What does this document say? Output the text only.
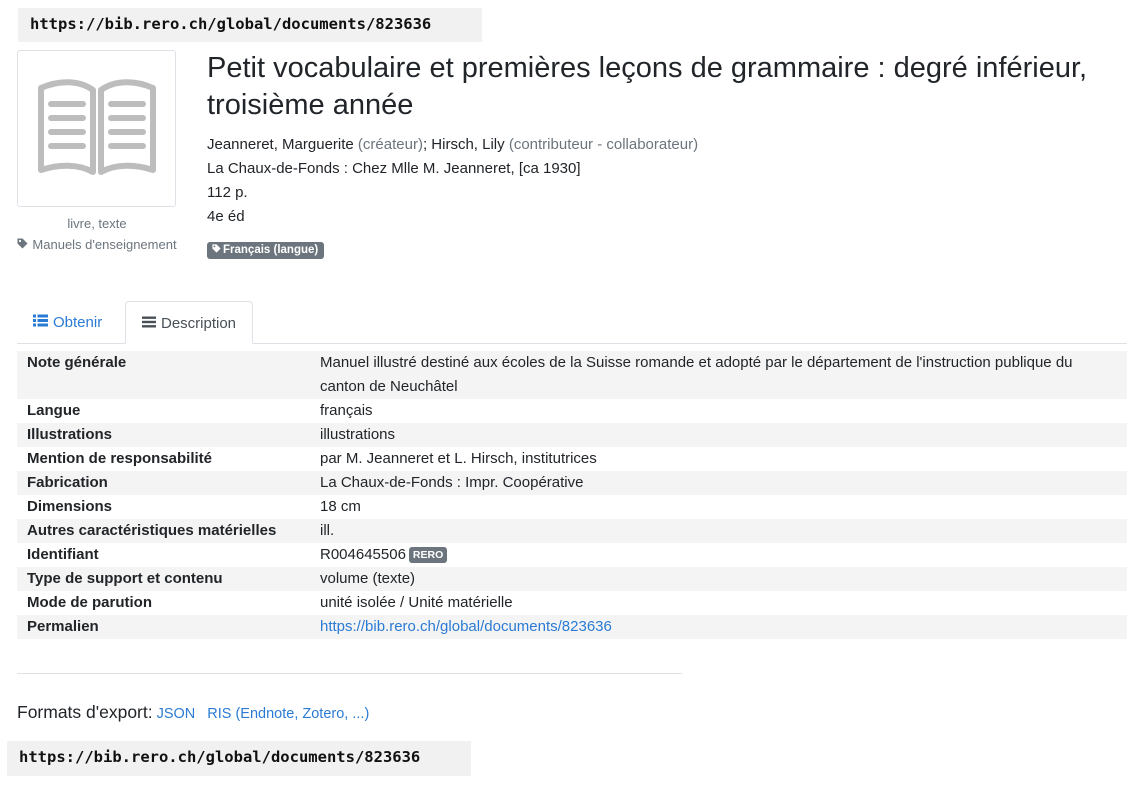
https://bib.rero.ch/global/documents/823636
livre, texte
Manuels d'enseignement
Petit vocabulaire et premières leçons de grammaire : degré inférieur, troisième année
Jeanneret, Marguerite (créateur); Hirsch, Lily (contributeur - collaborateur)
La Chaux-de-Fonds : Chez Mlle M. Jeanneret, [ca 1930]
112 p.
4e éd
Français (langue)
Obtenir	Description
Note générale	Manuel illustré destiné aux écoles de la Suisse romande et adopté par le département de l'instruction publique du canton de Neuchâtel
Langue	français
Illustrations	illustrations
Mention de responsabilité	par M. Jeanneret et L. Hirsch, institutrices
Fabrication	La Chaux-de-Fonds : Impr. Coopérative
Dimensions	18 cm
Autres caractéristiques matérielles	ill.
Identifiant	R004645506 RERO
Type de support et contenu	volume (texte)
Mode de parution	unité isolée / Unité matérielle
Permalien	https://bib.rero.ch/global/documents/823636
Formats d'export: JSON RIS (Endnote, Zotero, ...)
https://bib.rero.ch/global/documents/823636
